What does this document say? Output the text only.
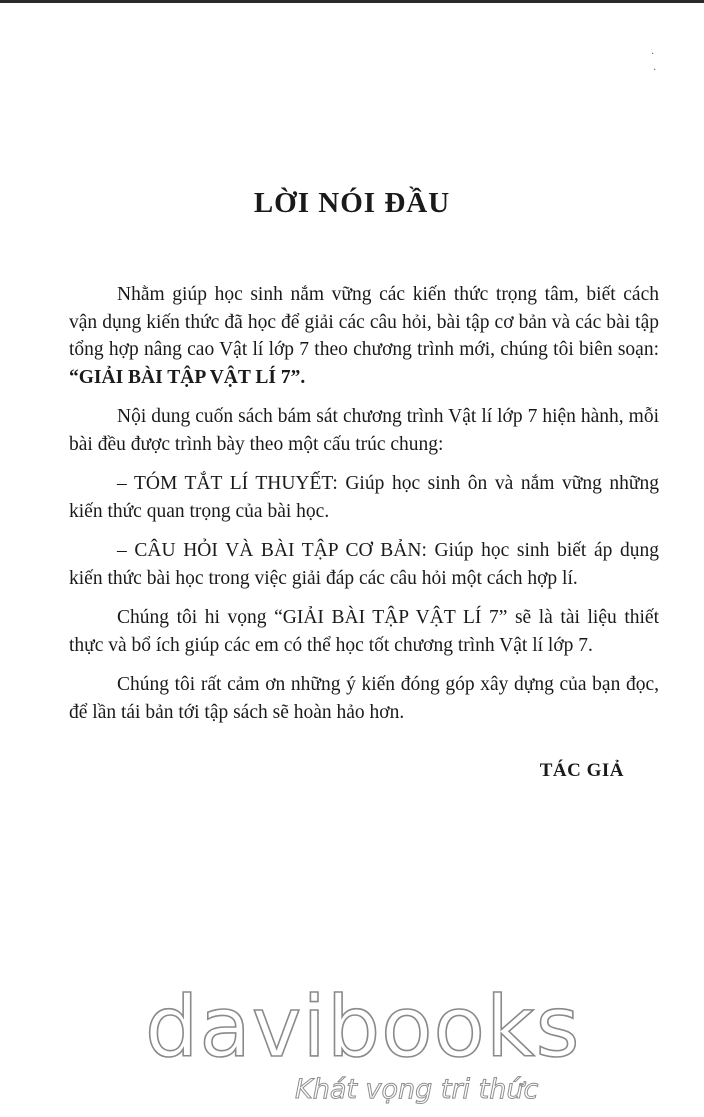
·
·
LỜI NÓI ĐẦU

Nhằm giúp học sinh nắm vững các kiến thức trọng tâm, biết cách vận dụng kiến thức đã học để giải các câu hỏi, bài tập cơ bản và các bài tập tổng hợp nâng cao Vật lí lớp 7 theo chương trình mới, chúng tôi biên soạn: “GIẢI BÀI TẬP VẬT LÍ 7”.

Nội dung cuốn sách bám sát chương trình Vật lí lớp 7 hiện hành, mỗi bài đều được trình bày theo một cấu trúc chung:

– TÓM TẮT LÍ THUYẾT: Giúp học sinh ôn và nắm vững những kiến thức quan trọng của bài học.

– CÂU HỎI VÀ BÀI TẬP CƠ BẢN: Giúp học sinh biết áp dụng kiến thức bài học trong việc giải đáp các câu hỏi một cách hợp lí.

Chúng tôi hi vọng “GIẢI BÀI TẬP VẬT LÍ 7” sẽ là tài liệu thiết thực và bổ ích giúp các em có thể học tốt chương trình Vật lí lớp 7.

Chúng tôi rất cảm ơn những ý kiến đóng góp xây dựng của bạn đọc, để lần tái bản tới tập sách sẽ hoàn hảo hơn.

TÁC GIẢ
davibooks
Khát vọng tri thức
